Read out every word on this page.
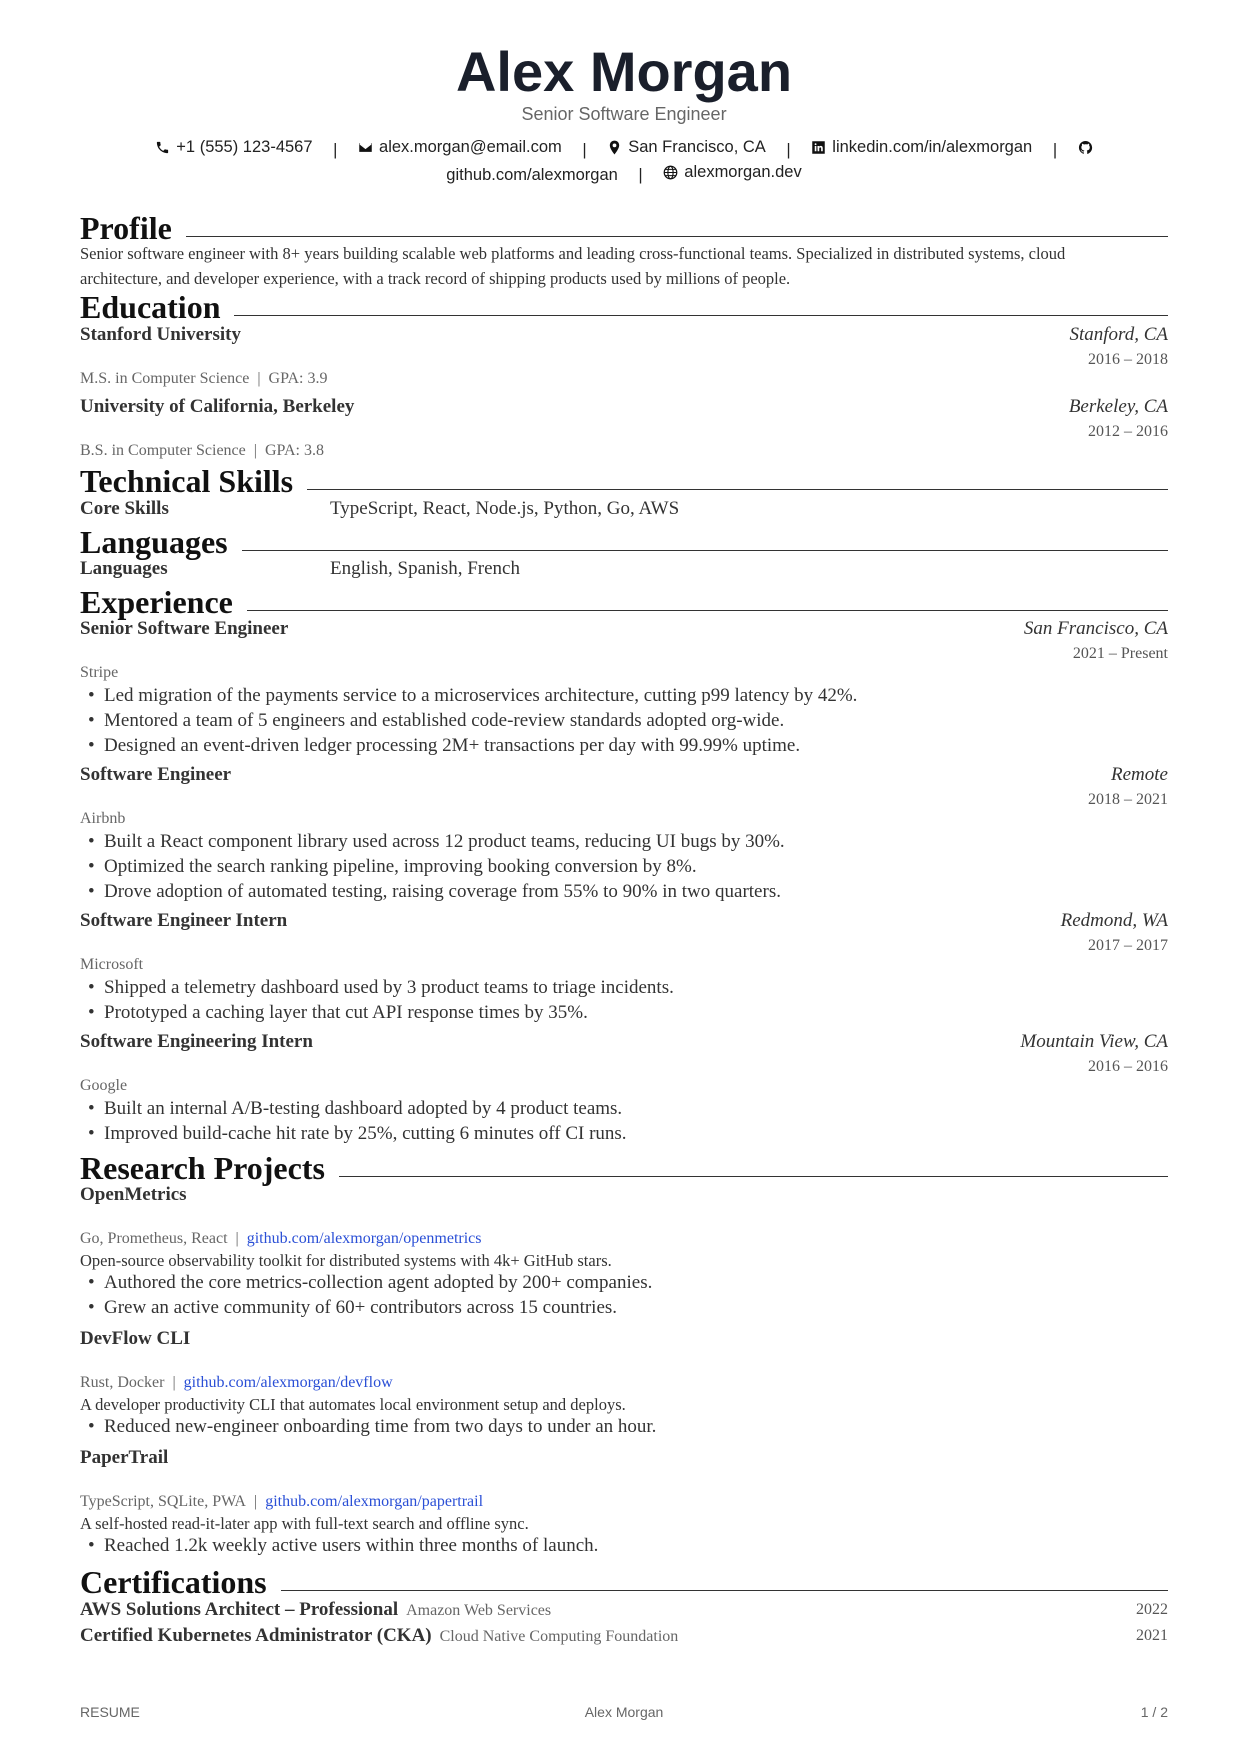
Alex Morgan
Senior Software Engineer
+1 (555) 123-4567 |	alex.morgan@email.com |	San Francisco, CA |	linkedin.com/in/alexmorgan |
github.com/alexmorgan |	alexmorgan.dev
Profile
Senior software engineer with 8+ years building scalable web platforms and leading cross-functional teams. Specialized in distributed systems, cloud
architecture, and developer experience, with a track record of shipping products used by millions of people.
Education
Stanford University	Stanford, CA
2016 – 2018
M.S. in Computer Science | GPA: 3.9
University of California, Berkeley	Berkeley, CA
2012 – 2016
B.S. in Computer Science | GPA: 3.8
Technical Skills
Core Skills	TypeScript, React, Node.js, Python, Go, AWS
Languages
Languages	English, Spanish, French
Experience
Senior Software Engineer	San Francisco, CA
2021 – Present
Stripe
• Led migration of the payments service to a microservices architecture, cutting p99 latency by 42%.
• Mentored a team of 5 engineers and established code-review standards adopted org-wide.
• Designed an event-driven ledger processing 2M+ transactions per day with 99.99% uptime.
Software Engineer	Remote
2018 – 2021
Airbnb
• Built a React component library used across 12 product teams, reducing UI bugs by 30%.
• Optimized the search ranking pipeline, improving booking conversion by 8%.
• Drove adoption of automated testing, raising coverage from 55% to 90% in two quarters.
Software Engineer Intern	Redmond, WA
2017 – 2017
Microsoft
• Shipped a telemetry dashboard used by 3 product teams to triage incidents.
• Prototyped a caching layer that cut API response times by 35%.
Software Engineering Intern	Mountain View, CA
2016 – 2016
Google
• Built an internal A/B-testing dashboard adopted by 4 product teams.
• Improved build-cache hit rate by 25%, cutting 6 minutes off CI runs.
Research Projects
OpenMetrics
Go, Prometheus, React | github.com/alexmorgan/openmetrics
Open-source observability toolkit for distributed systems with 4k+ GitHub stars.
• Authored the core metrics-collection agent adopted by 200+ companies.
• Grew an active community of 60+ contributors across 15 countries.
DevFlow CLI
Rust, Docker | github.com/alexmorgan/devflow
A developer productivity CLI that automates local environment setup and deploys.
• Reduced new-engineer onboarding time from two days to under an hour.
PaperTrail
TypeScript, SQLite, PWA | github.com/alexmorgan/papertrail
A self-hosted read-it-later app with full-text search and offline sync.
• Reached 1.2k weekly active users within three months of launch.
Certifications
AWS Solutions Architect – Professional Amazon Web Services	2022
Certified Kubernetes Administrator (CKA) Cloud Native Computing Foundation	2021
RESUME	Alex Morgan	1 / 2
